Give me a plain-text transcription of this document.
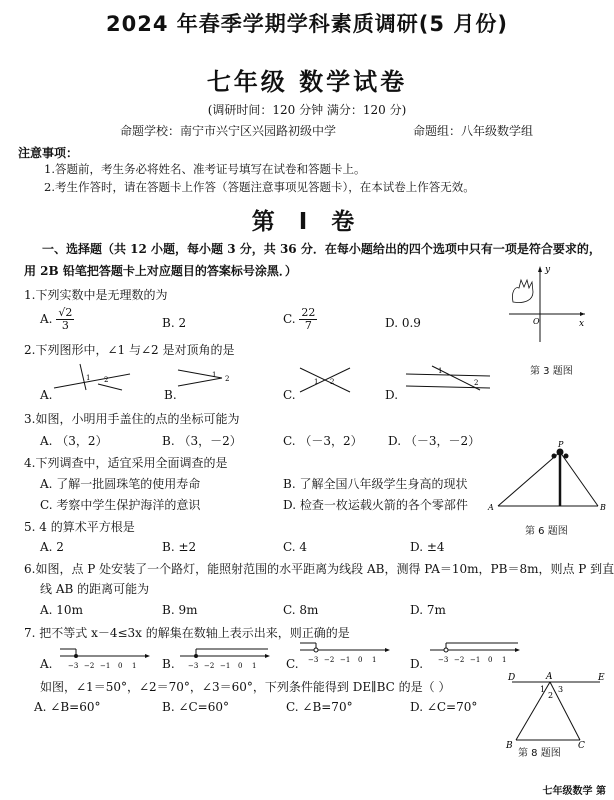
2024 年春季学期学科素质调研(5 月份)
七年级 数学试卷
(调研时间：120 分钟 满分：120 分)
命题学校：南宁市兴宁区兴园路初级中学	命题组：八年级数学组
注意事项：
1.答题前，考生务必将姓名、准考证号填写在试卷和答题卡上。
2.考生作答时，请在答题卡上作答（答题注意事项见答题卡），在本试卷上作答无效。
第 Ⅰ 卷
一、选择题（共 12 小题，每小题 3 分，共 36 分．在每小题给出的四个选项中只有一项是符合要求的，
用 2B 铅笔把答题卡上对应题目的答案标号涂黑．）
1.下列实数中是无理数的为
A. $\frac{√2}{3}$	B. 2	C. $\frac{22}{7}$	D. 0.9
y
x
O
第 3 题图
2.下列图形中，∠1 与∠2 是对顶角的是
A.
1 2
B.
1 2
C.
1 2
D.
1
2
3.如图，小明用手盖住的点的坐标可能为
A. （3，2）	B. （3，－2）	C. （－3，2） D. （－3，－2）
4.下列调查中，适宜采用全面调查的是
A. 了解一批圆珠笔的使用寿命	B. 了解全国八年级学生身高的现状
C. 考察中学生保护海洋的意识	D. 检查一枚运载火箭的各个零部件
P
A	B
第 6 题图
5. 4 的算术平方根是
A. 2	B. ±2	C. 4	D. ±4
6.如图，点 P 处安装了一个路灯，能照射范围的水平距离为线段 AB，测得 PA＝10m，PB＝8m，则点 P 到直
线 AB 的距离可能为
A. 10m	B. 9m	C. 8m	D. 7m
7. 把不等式 x－4≤3x 的解集在数轴上表示出来，则正确的是
A. −3 −2 −1 0 1 B. −3 −2 −1 0 1 C. −3 −2 −1 0 1	D. −3 −2 −1 0 1
如图，∠1＝50°，∠2＝70°，∠3＝60°，下列条件能得到 DE∥BC 的是（ ）
A. ∠B=60°	B. ∠C=60°	C. ∠B=70°	D. ∠C=70°
D	A	E
B	C
1
2
3
第 8 题图
七年级数学 第
